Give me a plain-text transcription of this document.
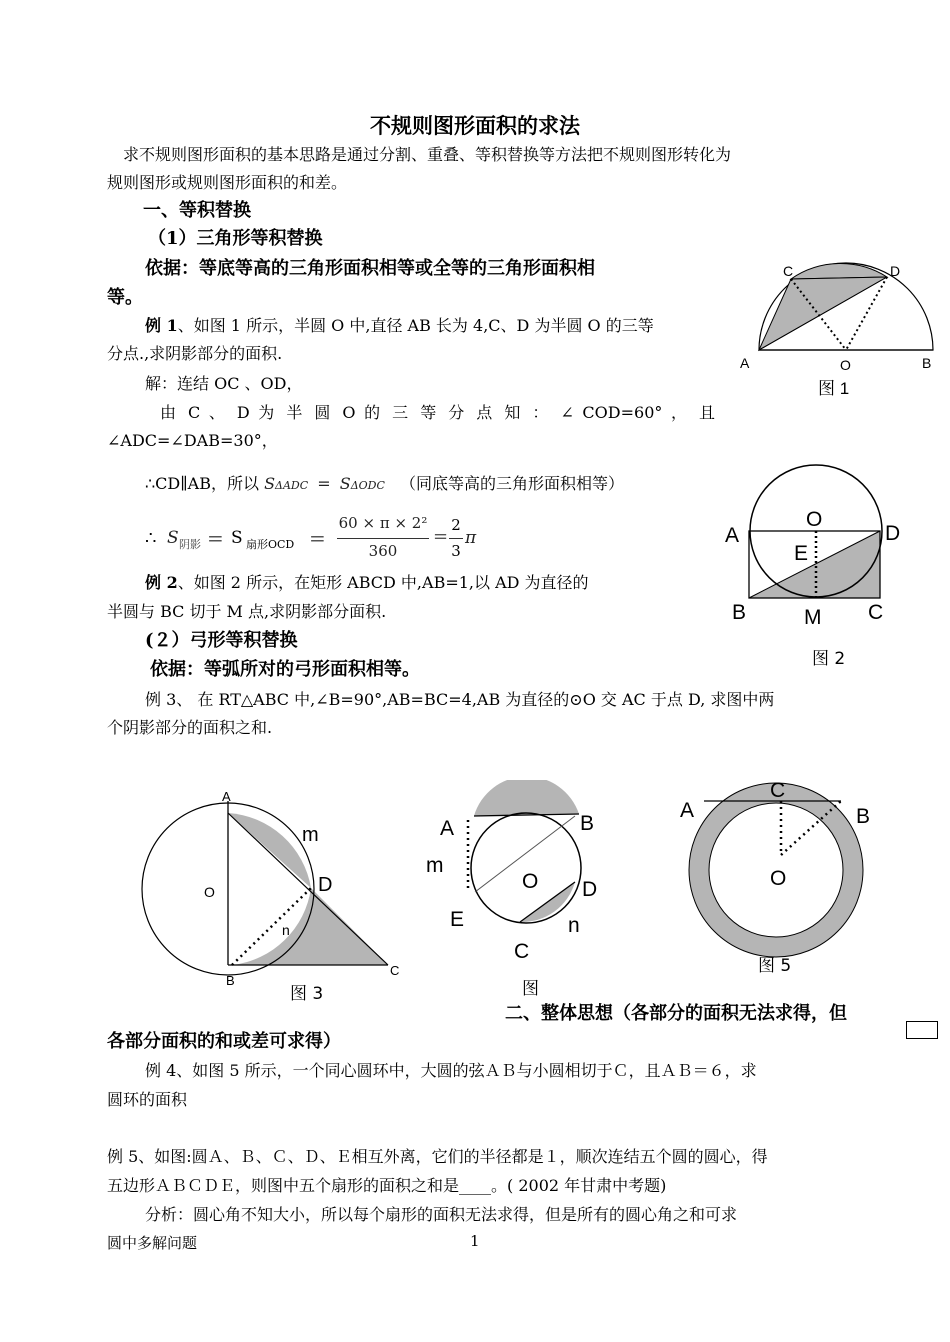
不规则图形面积的求法
求不规则图形面积的基本思路是通过分割、重叠、等积替换等方法把不规则图形转化为
规则图形或规则图形面积的和差。
一、等积替换
（1）三角形等积替换
依据：等底等高的三角形面积相等或全等的三角形面积相
等。
例 1、如图 1 所示，半圆 O 中,直径 AB 长为 4,C、D 为半圆 O 的三等
分点.,求阴影部分的面积.
解：连结 OC 、OD，
由 C 、 D 为 半 圆 O 的 三 等 分 点 知 ： ∠ COD=60° ， 且
∠ADC=∠DAB=30°，
∴CD∥AB，所以 SΔADC = SΔODC （同底等高的三角形面积相等）
∴ S 阴影 = S 扇形OCD =
60 × π × 2²
360
=
2
3
π
例 2、如图 2 所示，在矩形 ABCD 中,AB=1,以 AD 为直径的
半圆与 BC 切于 M 点,求阴影部分面积.
(２）弓形等积替换
依据：等弧所对的弓形面积相等。
例 3、 在 RT△ABC 中,∠B=90°,AB=BC=4,AB 为直径的⊙O 交 AC 于点 D, 求图中两
个阴影部分的面积之和.
二、整体思想（各部分的面积无法求得，但
各部分面积的和或差可求得）
例 4、如图 5 所示，一个同心圆环中，大圆的弦ＡＢ与小圆相切于Ｃ，且ＡＢ＝６，求
圆环的面积
例 5、如图:圆Ａ、Ｂ、Ｃ、Ｄ、Ｅ相互外离，它们的半径都是１，顺次连结五个圆的圆心，得
五边形ＡＢＣＤＥ，则图中五个扇形的面积之和是____。( 2002 年甘肃中考题)
分析：圆心角不知大小，所以每个扇形的面积无法求得，但是所有的圆心角之和可求
圆中多解问题	1
C	D
A	O	B
图 1
A
O
D
E
B	M C
图 2
A
O
m
D
n
B
C
图 3
A	B
m
O D
E	n
C
图
A
C
B
O
图 5
